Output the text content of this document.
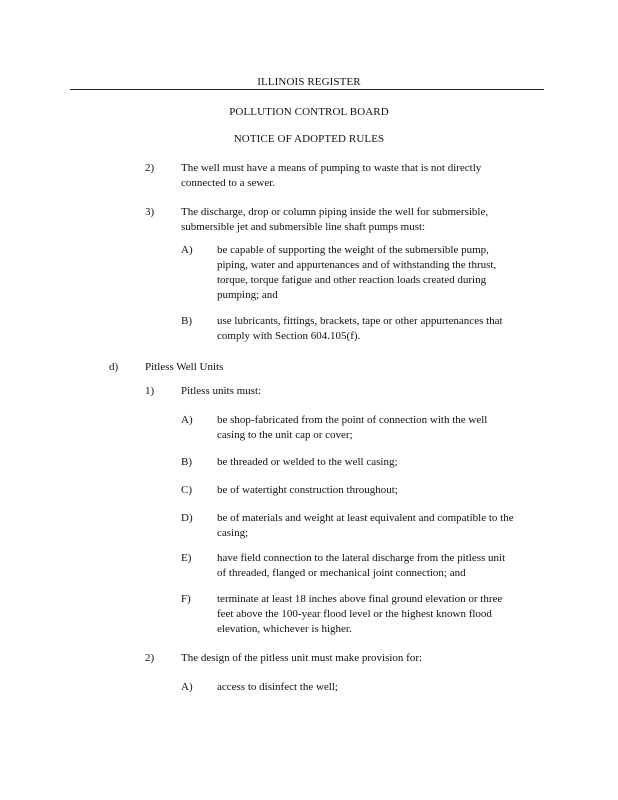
ILLINOIS REGISTER
POLLUTION CONTROL BOARD
NOTICE OF ADOPTED RULES
2) The well must have a means of pumping to waste that is not directly
connected to a sewer.
3) The discharge, drop or column piping inside the well for submersible,
submersible jet and submersible line shaft pumps must:
A) be capable of supporting the weight of the submersible pump,
piping, water and appurtenances and of withstanding the thrust,
torque, torque fatigue and other reaction loads created during
pumping; and
B) use lubricants, fittings, brackets, tape or other appurtenances that
comply with Section 604.105(f).
d) Pitless Well Units
1) Pitless units must:
A) be shop-fabricated from the point of connection with the well
casing to the unit cap or cover;
B) be threaded or welded to the well casing;
C) be of watertight construction throughout;
D) be of materials and weight at least equivalent and compatible to the
casing;
E) have field connection to the lateral discharge from the pitless unit
of threaded, flanged or mechanical joint connection; and
F) terminate at least 18 inches above final ground elevation or three
feet above the 100-year flood level or the highest known flood
elevation, whichever is higher.
2) The design of the pitless unit must make provision for:
A) access to disinfect the well;
